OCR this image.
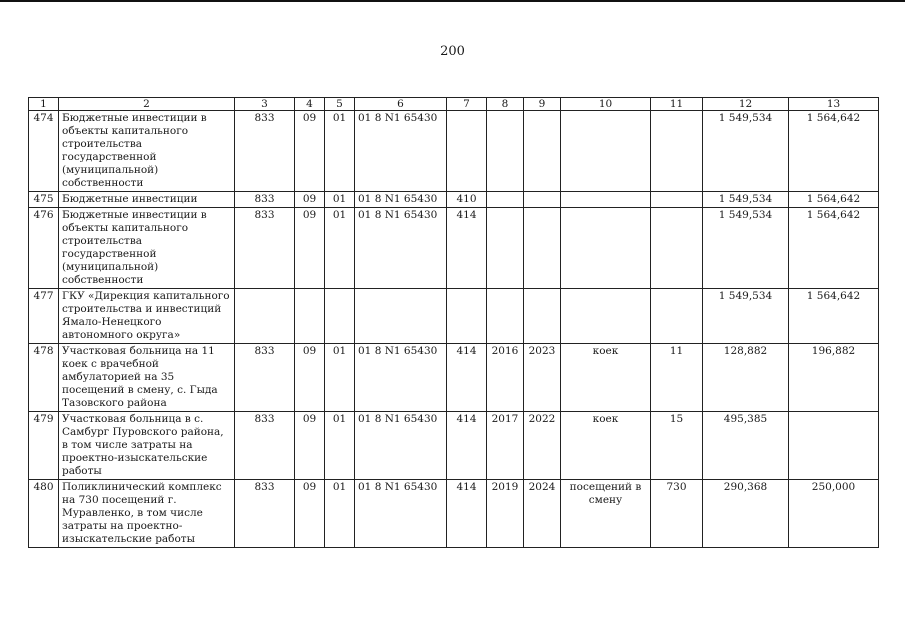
200
1	2	3	4	5	6	7	8	9	10	11	12	13
474	Бюджетные инвестиции в объекты капитального строительства государственной (муниципальной) собственности	833	09	01	01 8 N1 65430						1 549,534	1 564,642
475	Бюджетные инвестиции	833	09	01	01 8 N1 65430	410					1 549,534	1 564,642
476	Бюджетные инвестиции в объекты капитального строительства государственной (муниципальной) собственности	833	09	01	01 8 N1 65430	414					1 549,534	1 564,642
477	ГКУ «Дирекция капитального строительства и инвестиций Ямало-Ненецкого автономного округа»										1 549,534	1 564,642
478	Участковая больница на 11 коек с врачебной амбулаторией на 35 посещений в смену, с. Гыда Тазовского района	833	09	01	01 8 N1 65430	414	2016	2023	коек	11	128,882	196,882
479	Участковая больница в с. Самбург Пуровского района, в том числе затраты на проектно-изыскательские работы	833	09	01	01 8 N1 65430	414	2017	2022	коек	15	495,385	
480	Поликлинический комплекс на 730 посещений г. Муравленко, в том числе затраты на проектно-изыскательские работы	833	09	01	01 8 N1 65430	414	2019	2024	посещений в смену	730	290,368	250,000
